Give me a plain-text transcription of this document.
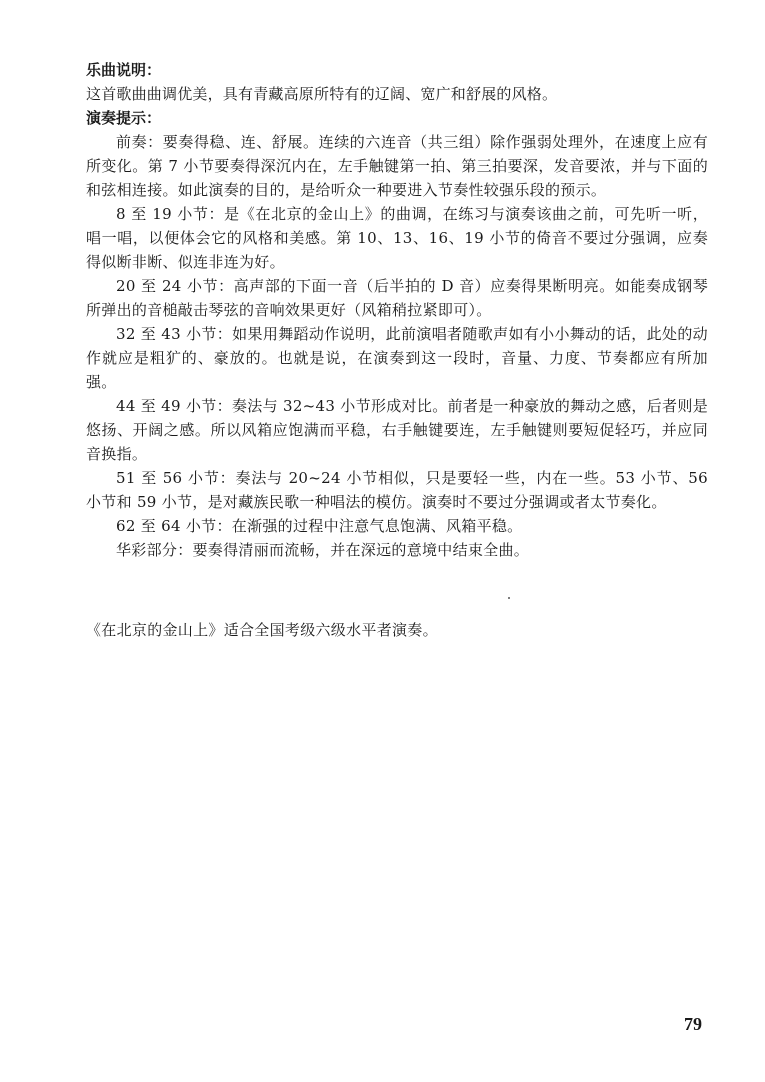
乐曲说明：

这首歌曲曲调优美，具有青藏高原所特有的辽阔、宽广和舒展的风格。

演奏提示：

前奏：要奏得稳、连、舒展。连续的六连音（共三组）除作强弱处理外，在速度上应有所变化。第 7 小节要奏得深沉内在，左手触键第一拍、第三拍要深，发音要浓，并与下面的和弦相连接。如此演奏的目的，是给听众一种要进入节奏性较强乐段的预示。

8 至 19 小节：是《在北京的金山上》的曲调，在练习与演奏该曲之前，可先听一听，唱一唱，以便体会它的风格和美感。第 10、13、16、19 小节的倚音不要过分强调，应奏得似断非断、似连非连为好。

20 至 24 小节：高声部的下面一音（后半拍的 D 音）应奏得果断明亮。如能奏成钢琴所弹出的音槌敲击琴弦的音响效果更好（风箱稍拉紧即可）。

32 至 43 小节：如果用舞蹈动作说明，此前演唱者随歌声如有小小舞动的话，此处的动作就应是粗犷的、豪放的。也就是说，在演奏到这一段时，音量、力度、节奏都应有所加强。

44 至 49 小节：奏法与 32~43 小节形成对比。前者是一种豪放的舞动之感，后者则是悠扬、开阔之感。所以风箱应饱满而平稳，右手触键要连，左手触键则要短促轻巧，并应同音换指。

51 至 56 小节：奏法与 20~24 小节相似，只是要轻一些，内在一些。53 小节、56 小节和 59 小节，是对藏族民歌一种唱法的模仿。演奏时不要过分强调或者太节奏化。

62 至 64 小节：在渐强的过程中注意气息饱满、风箱平稳。

华彩部分：要奏得清丽而流畅，并在深远的意境中结束全曲。

《在北京的金山上》适合全国考级六级水平者演奏。

79
